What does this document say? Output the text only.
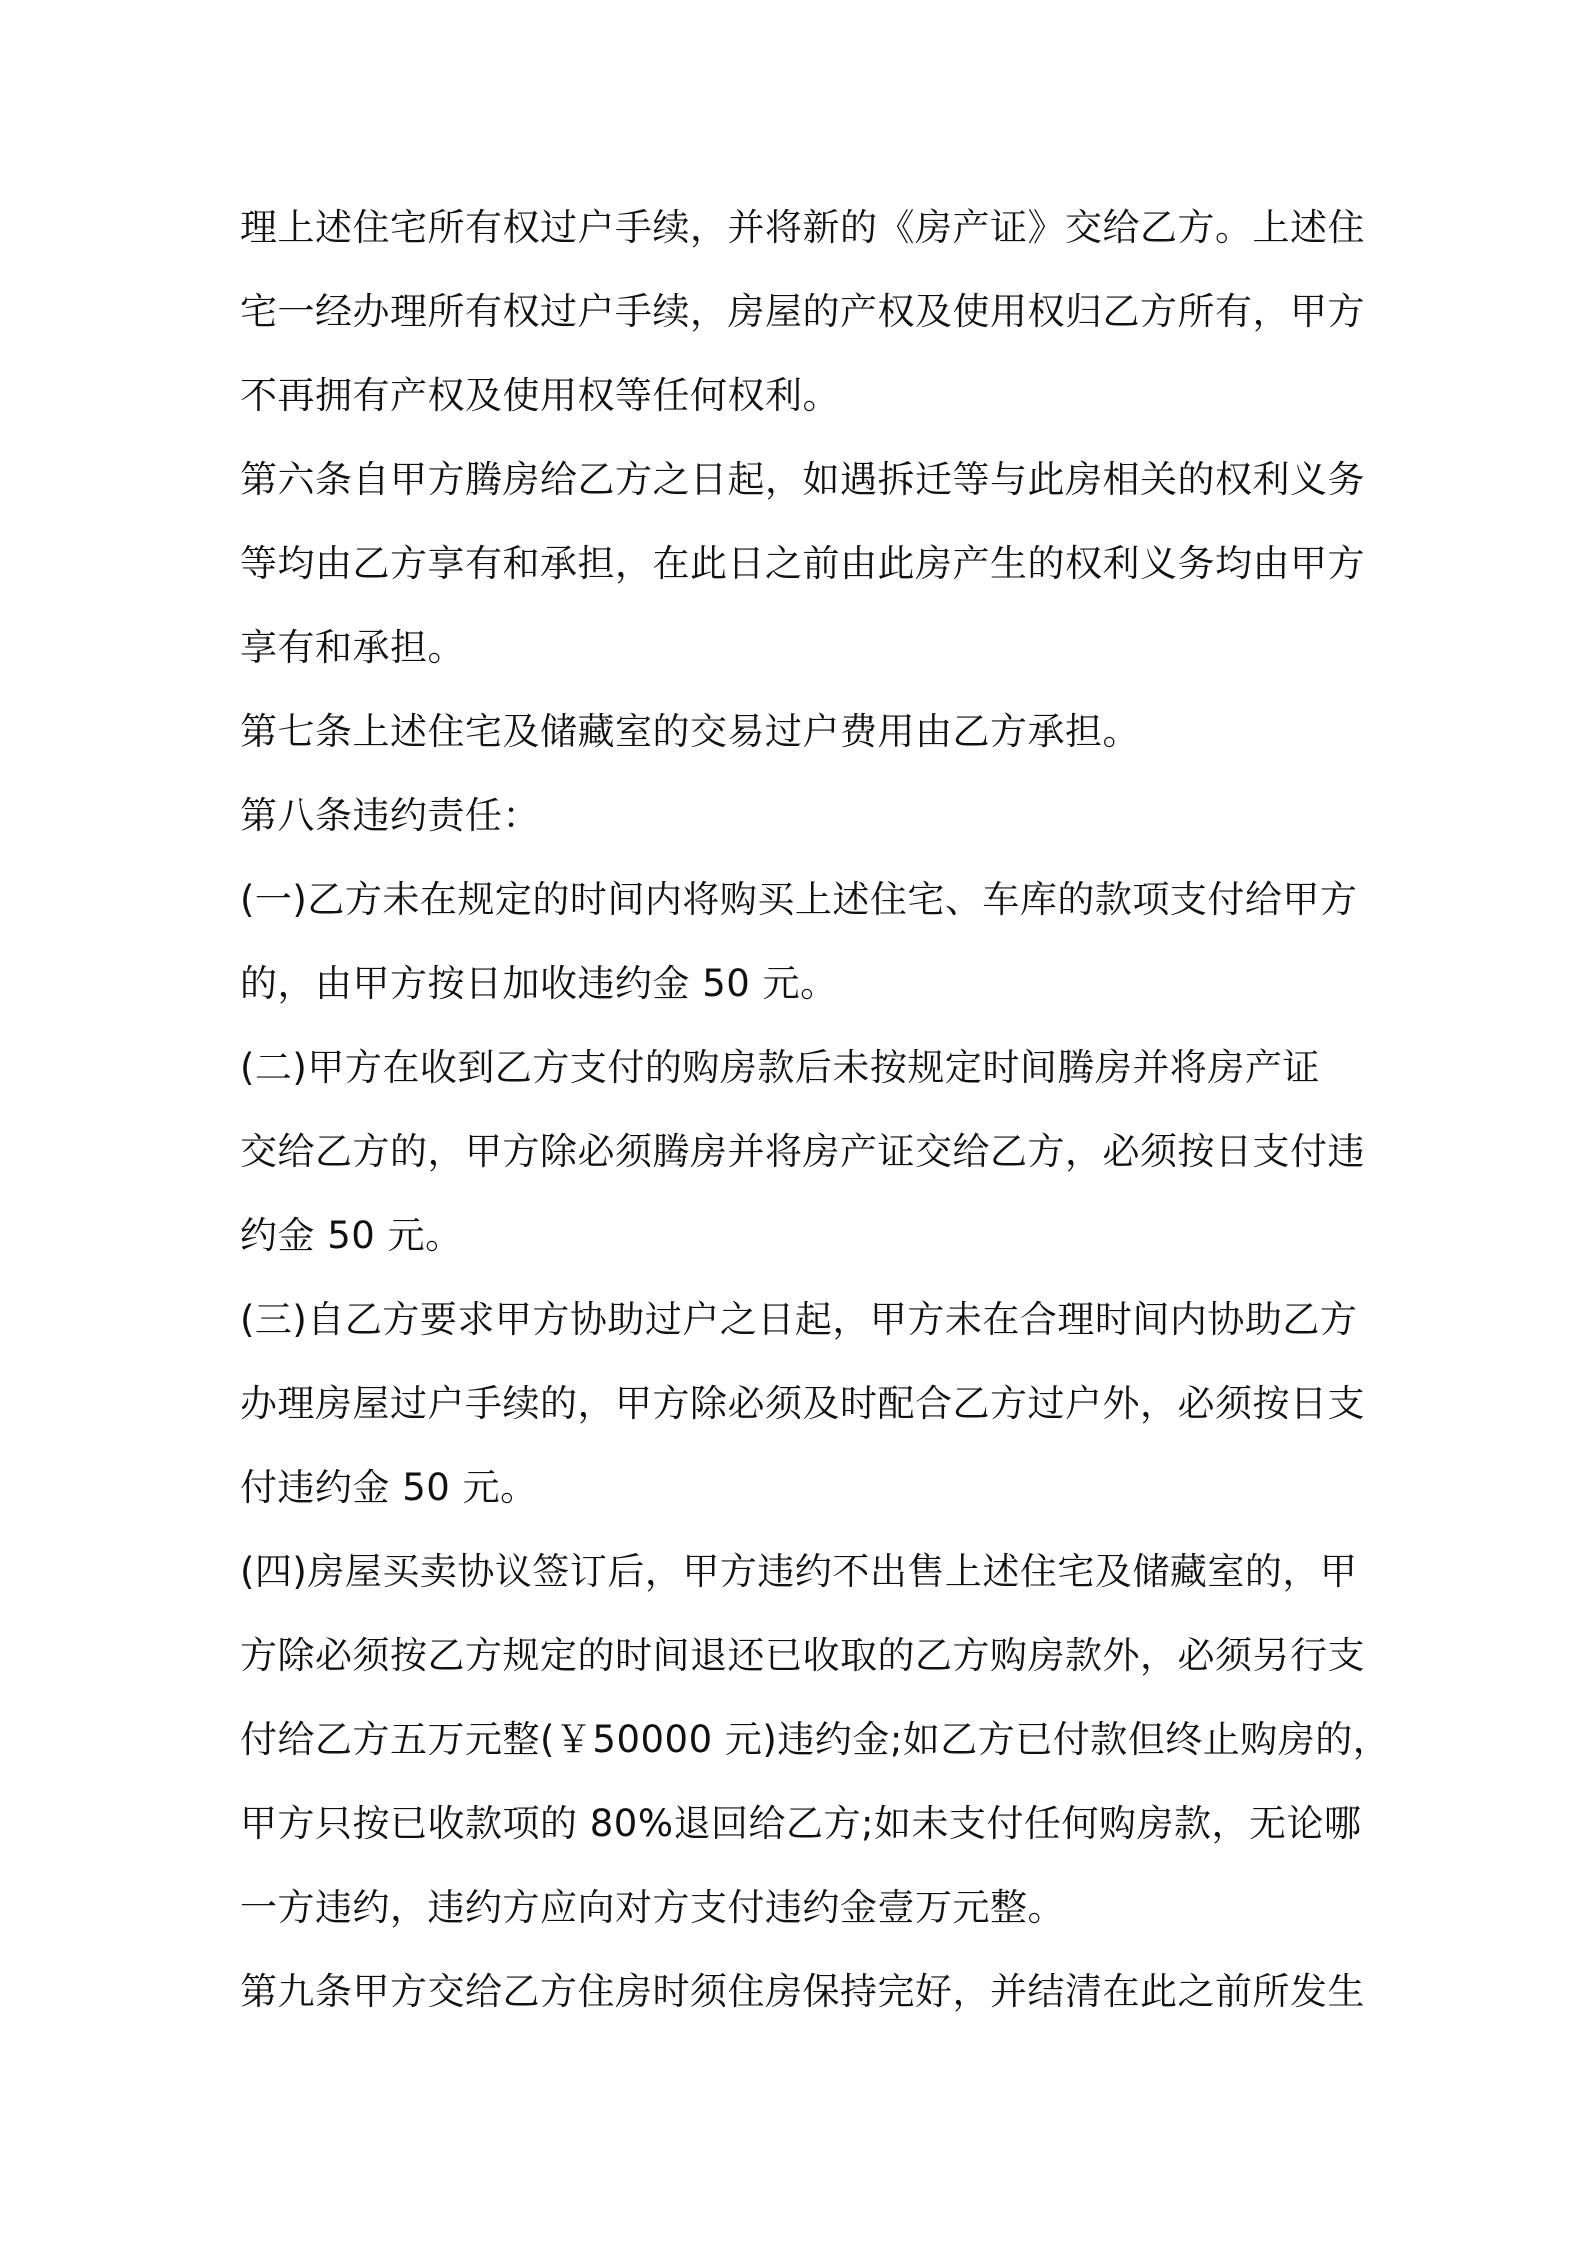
理上述住宅所有权过户手续，并将新的《房产证》交给乙方。上述住
宅一经办理所有权过户手续，房屋的产权及使用权归乙方所有，甲方
不再拥有产权及使用权等任何权利。
第六条自甲方腾房给乙方之日起，如遇拆迁等与此房相关的权利义务
等均由乙方享有和承担，在此日之前由此房产生的权利义务均由甲方
享有和承担。
第七条上述住宅及储藏室的交易过户费用由乙方承担。
第八条违约责任：
(一)乙方未在规定的时间内将购买上述住宅、车库的款项支付给甲方
的，由甲方按日加收违约金 50 元。
(二)甲方在收到乙方支付的购房款后未按规定时间腾房并将房产证
交给乙方的，甲方除必须腾房并将房产证交给乙方，必须按日支付违
约金 50 元。
(三)自乙方要求甲方协助过户之日起，甲方未在合理时间内协助乙方
办理房屋过户手续的，甲方除必须及时配合乙方过户外，必须按日支
付违约金 50 元。
(四)房屋买卖协议签订后，甲方违约不出售上述住宅及储藏室的，甲
方除必须按乙方规定的时间退还已收取的乙方购房款外，必须另行支
付给乙方五万元整(￥50000 元)违约金;如乙方已付款但终止购房的，
甲方只按已收款项的 80%退回给乙方;如未支付任何购房款，无论哪
一方违约，违约方应向对方支付违约金壹万元整。
第九条甲方交给乙方住房时须住房保持完好，并结清在此之前所发生
